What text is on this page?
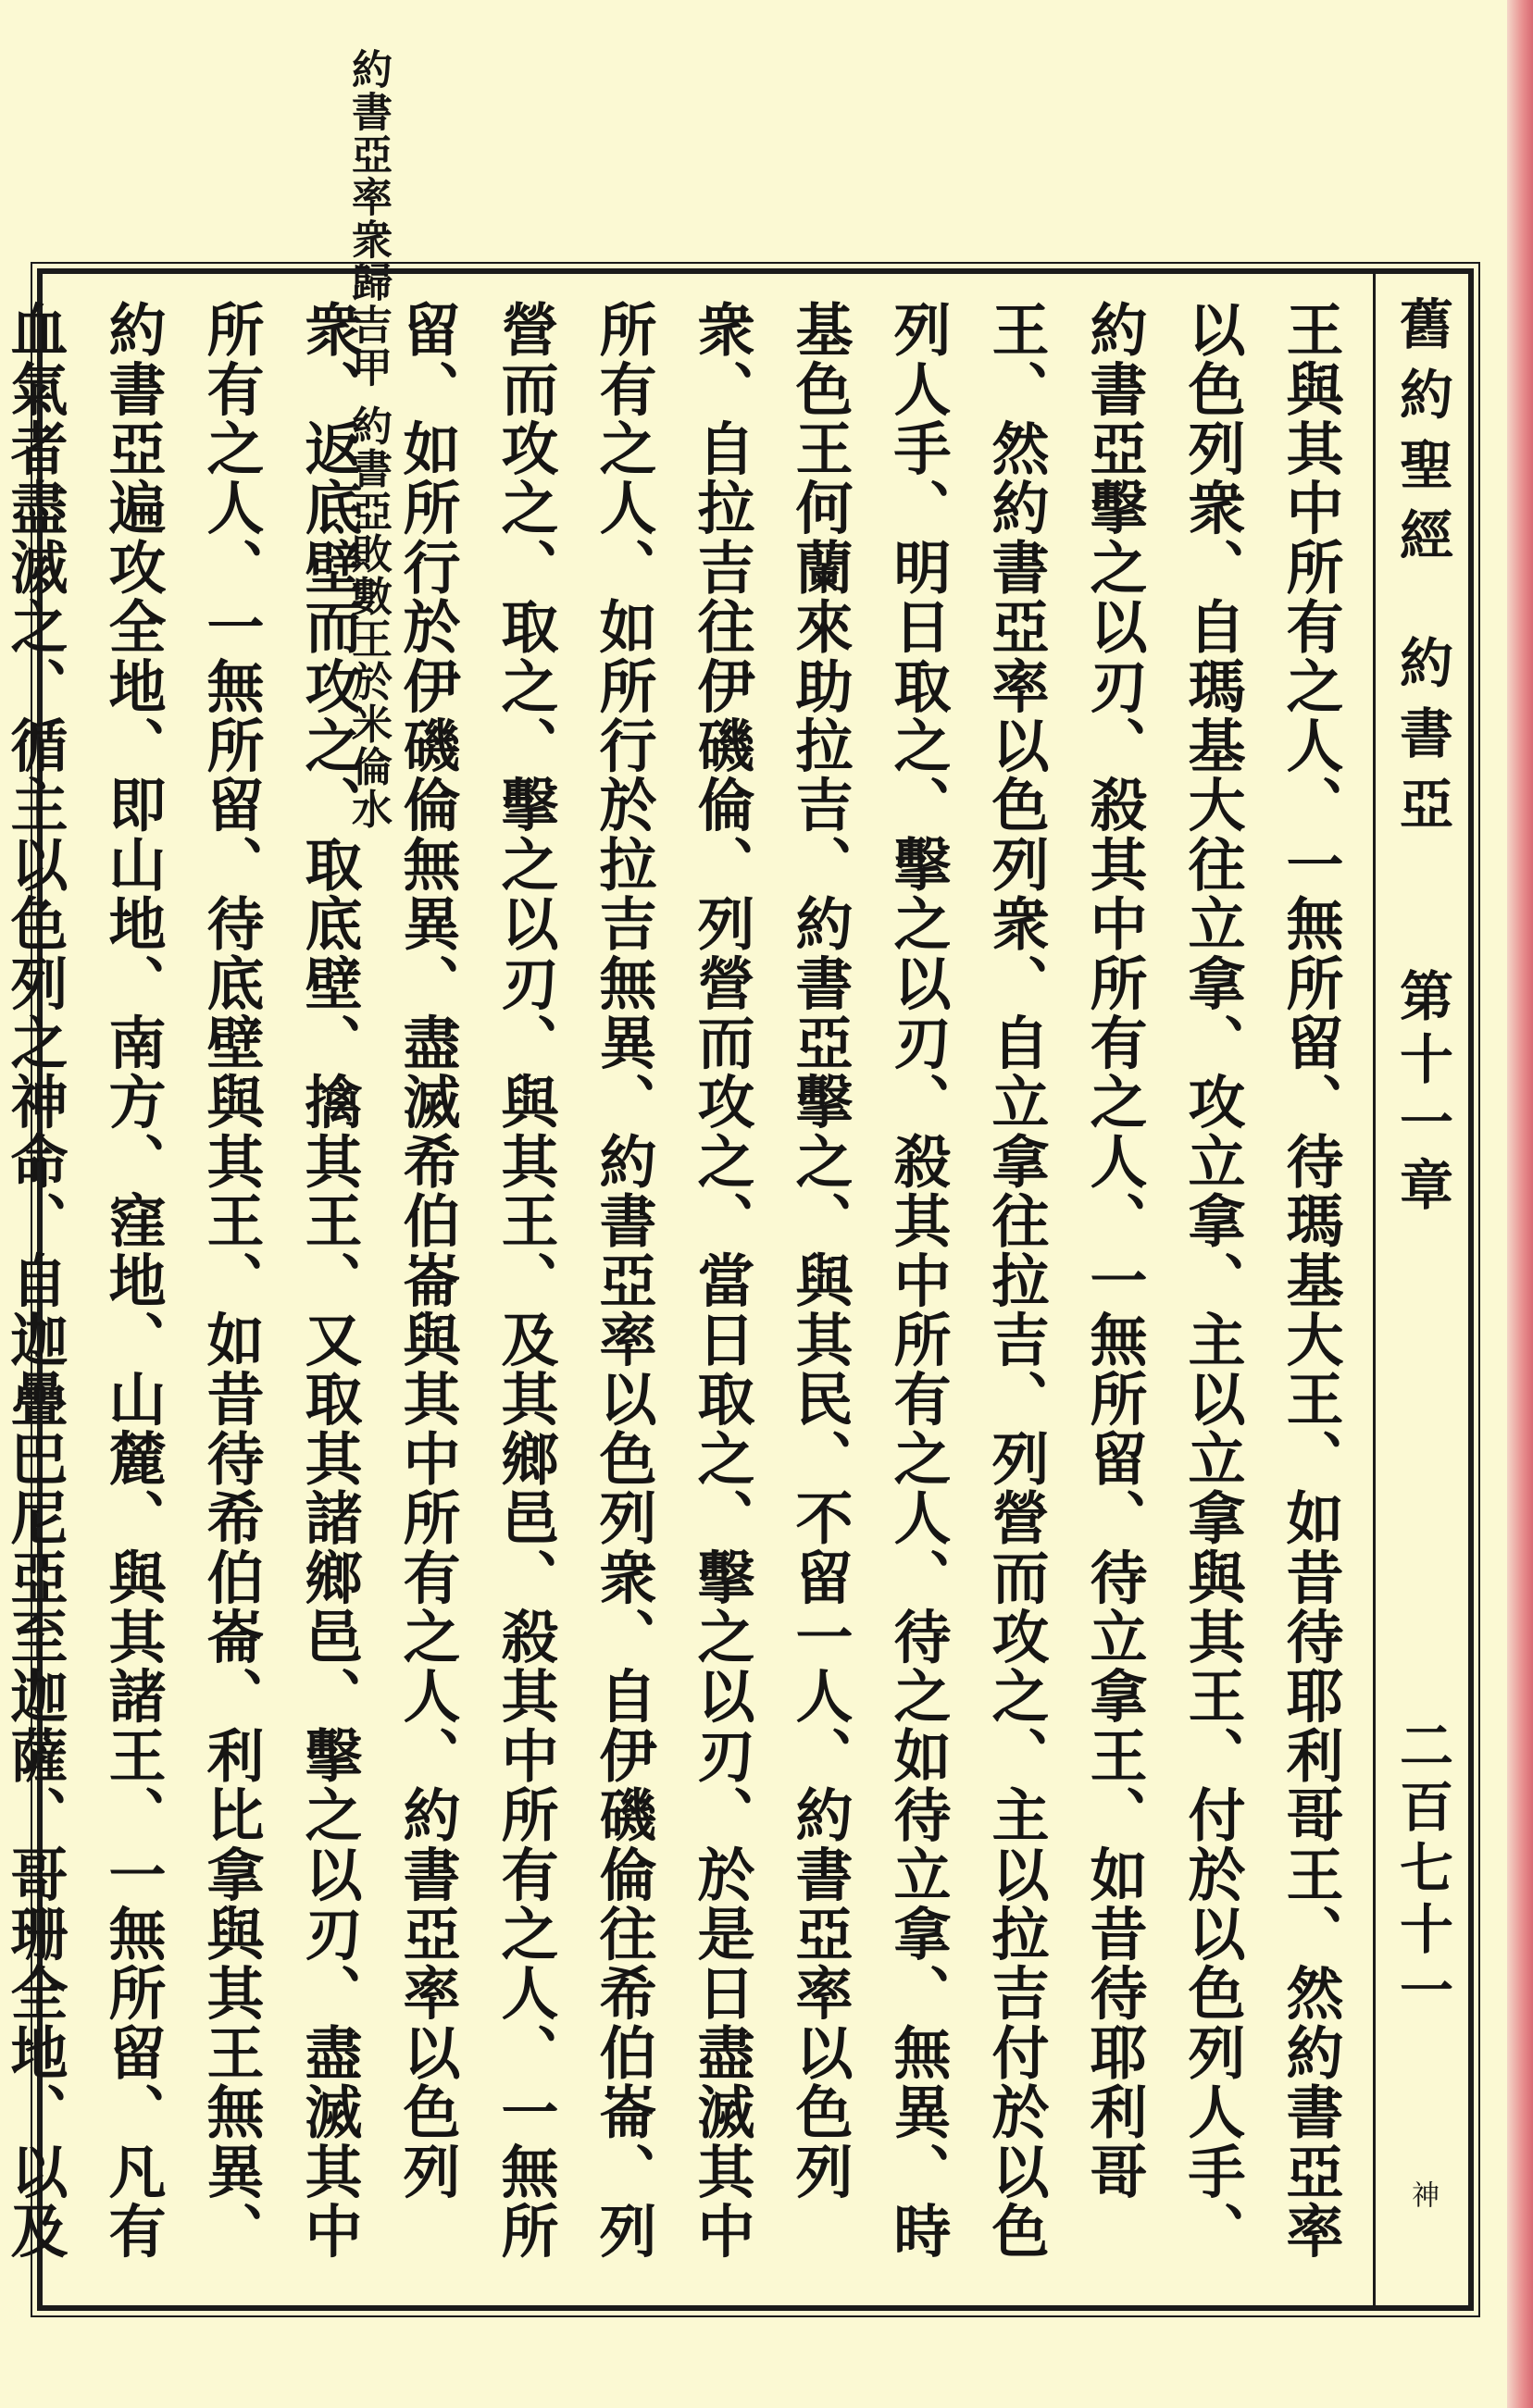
約書亞率衆歸吉甲 約書亞敗數王於米倫水	舊約聖經
約書亞
第十一章
二百七十一
神

王與其中所有之人、一無所留、待瑪基大王、如昔待耶利哥王、然約書亞率以色列衆、自瑪基大往立拿、攻立拿、主以立拿與其王、付於以色列人手、約書亞擊之以刃、殺其中所有之人、一無所留、待立拿王、如昔待耶利哥王、然約書亞率以色列衆、自立拿往拉吉、列營而攻之、主以拉吉付於以色列人手、明日取之、擊之以刃、殺其中所有之人、待之如待立拿、無異、時基色王何蘭來助拉吉、約書亞擊之、與其民、不留一人、約書亞率以色列衆、自拉吉往伊磯倫、列營而攻之、當日取之、擊之以刃、於是日盡滅其中所有之人、如所行於拉吉無異、約書亞率以色列衆、自伊磯倫往希伯崙、列營而攻之、取之、擊之以刃、與其王、及其鄉邑、殺其中所有之人、一無所留、如所行於伊磯倫無異、盡滅希伯崙與其中所有之人、約書亞率以色列衆、返底壁而攻之、取底壁、擒其王、又取其諸鄉邑、擊之以刃、盡滅其中所有之人、一無所留、待底壁與其王、如昔待希伯崙、利比拿與其王無異、約書亞遍攻全地、即山地、南方、窪地、山麓、與其諸王、一無所留、凡有血氣者盡滅之、循主以色列之神命、自迦疊巴尼亞至迦薩、哥珊全地、以及
